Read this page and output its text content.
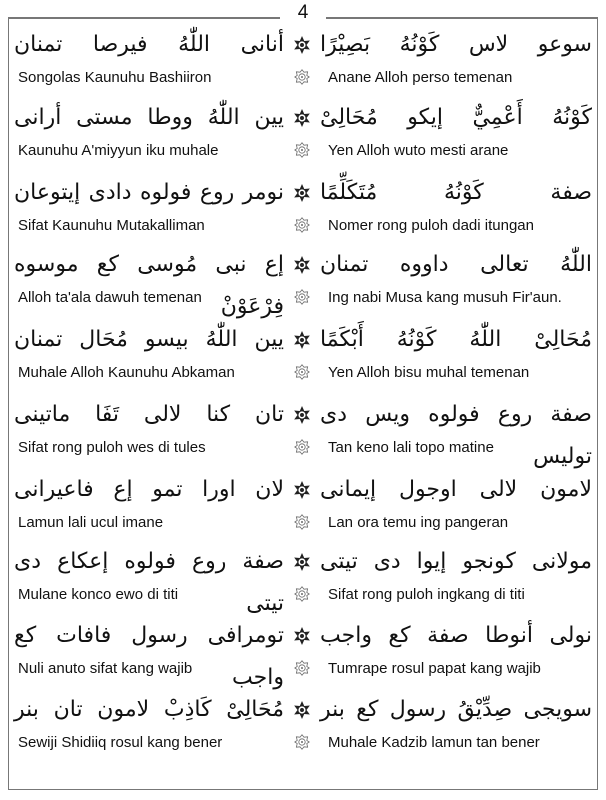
4
سوعو لاس كَوْنُهُ بَصِيْرًا
أنانى اللّٰهُ فيرصا تمنان
Songolas Kaunuhu Bashiiron	Anane Alloh perso temenan
كَوْنُهُ أَعْمِيٌّ إيكو مُحَالِىْ
يين اللّٰهُ ووطا مستى أرانى
Kaunuhu A'miyyun iku muhale	Yen Alloh wuto mesti arane
صفة كَوْنُهُ مُتَكَلِّمًا
نومر روع فولوه دادى إيتوعان
Sifat Kaunuhu Mutakalliman	Nomer rong puloh dadi itungan
اللّٰهُ تعالى داووه تمنان
إع نبى مُوسى كع موسوه فِرْعَوْنْ
Alloh ta'ala dawuh temenan	Ing nabi Musa kang musuh Fir'aun.
مُحَالِىْ اللّٰهُ كَوْنُهُ أَبْكَمًا
يين اللّٰهُ بيسو مُحَال تمنان
Muhale Alloh Kaunuhu Abkaman	Yen Alloh bisu muhal temenan
صفة روع فولوه ويس دى توليس
تان كنا لالى تَفَا ماتينى
Sifat rong puloh wes di tules	Tan keno lali topo matine
لامون لالى اوجول إيمانى
لان اورا تمو إع فاعيرانى
Lamun lali ucul imane	Lan ora temu ing pangeran
مولانى كونجو إيوا دى تيتى
صفة روع فولوه إعكاع دى تيتى
Mulane konco ewo di titi	Sifat rong puloh ingkang di titi
نولى أنوطا صفة كع واجب
تومرافى رسول فافات كع واجب
Nuli anuto sifat kang wajib	Tumrape rosul papat kang wajib
سويجى صِدِّيْقُ رسول كع بنر
مُحَالِىْ كَاذِبْ لامون تان بنر
Sewiji Shidiiq rosul kang bener	Muhale Kadzib lamun tan bener
